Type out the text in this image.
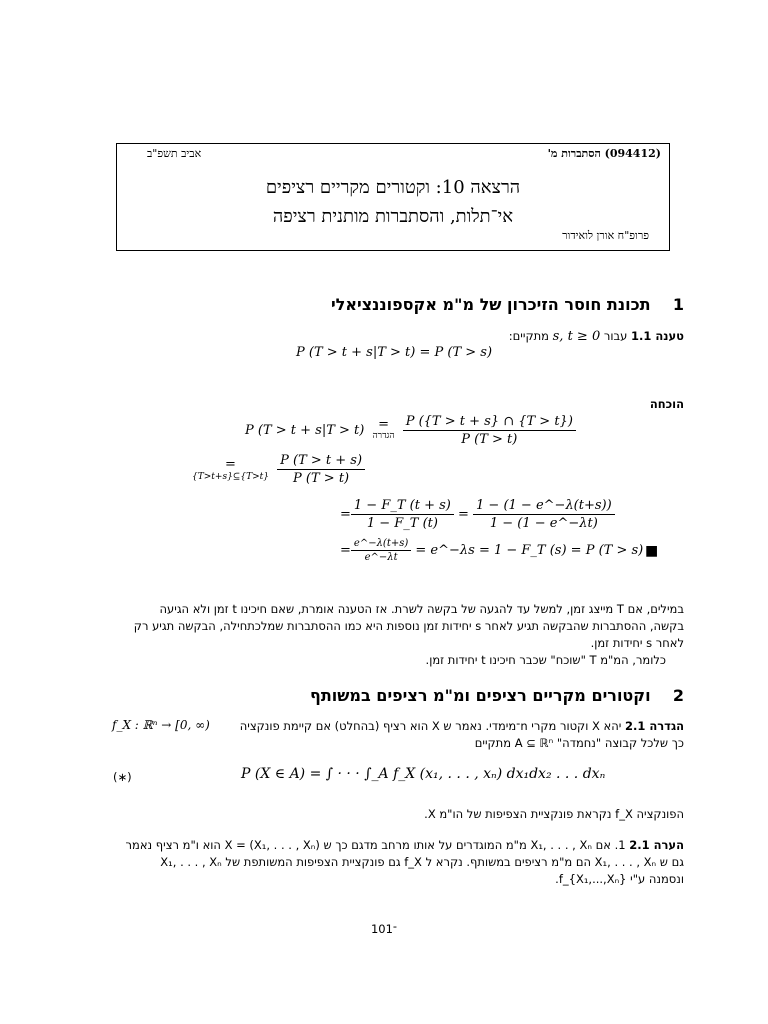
(094412) הסתברות מ'
אביב תשפ"ב
הרצאה 10: וקטורים מקריים רציפים
אי־תלות, והסתברות מותנית רציפה
פרופ"ח אורן לואידור
1    תכונת חוסר הזיכרון של מ"מ אקספוננציאלי
טענה 1.1 עבור s, t ≥ 0 מתקיים:
P (T > t + s|T > t) = P (T > s)
הוכחה
P (T > t + s|T > t)	=
הגדרה
$\frac{P (\{T > t + s\} \cap \{T > t\})}{P (T > t)}$
=
{T>t+s}⊆{T>t}
$\frac{P (T > t + s)}{P (T > t)}$
= $\frac{1 - F\_T (t + s)}{1 - F\_T (t)} = \frac{1 - (1 - e\^{}-\lambda(t+s))}{1 - (1 - e\^{}-\lambda t)}$
= $\frac{e\^{}-\lambda(t+s)}{e\^{}-\lambda t}$ = e^−λs = 1 − F_T (s) = P (T > s) ■
במילים, אם T מייצג זמן, למשל עד להגעה של בקשה לשרת. אז הטענה אומרת, שאם חיכינו t זמן ולא הגיעה
בקשה, ההסתברות שהבקשה תגיע לאחר s יחידות זמן נוספות היא כמו ההסתברות שמלכתחילה, הבקשה תגיע רק
לאחר s יחידות זמן.
כלומר, המ"מ T "שוכח" שכבר חיכינו t יחידות זמן.
2    וקטורים מקריים רציפים ומ"מ רציפים במשותף
הגדרה 2.1 יהא X וקטור מקרי n־מימדי. נאמר ש X הוא רציף (בהחלט) אם קיימת פונקציה
כך שלכל קבוצה "נחמדה" A ⊆ ℝⁿ מתקיים
f_X : ℝⁿ → [0, ∞)
P (X ∈ A) = ∫ · · · ∫_A f_X (x₁, . . . , xₙ) dx₁dx₂ . . . dxₙ
(∗)
הפונקציה f_X נקראת פונקציית הצפיפות של הו"מ X.
הערה 2.1 1. אם X₁, . . . , Xₙ מ"מ המוגדרים על אותו מרחב מדגם כך ש X = (X₁, . . . , Xₙ) הוא ו"מ רציף נאמר
גם ש X₁, . . . , Xₙ הם מ"מ רציפים במשותף. נקרא ל f_X גם פונקציית הצפיפות המשותפת של X₁, . . . , Xₙ
ונסמנה ע"י f_{X₁,...,Xₙ}.
10־1
